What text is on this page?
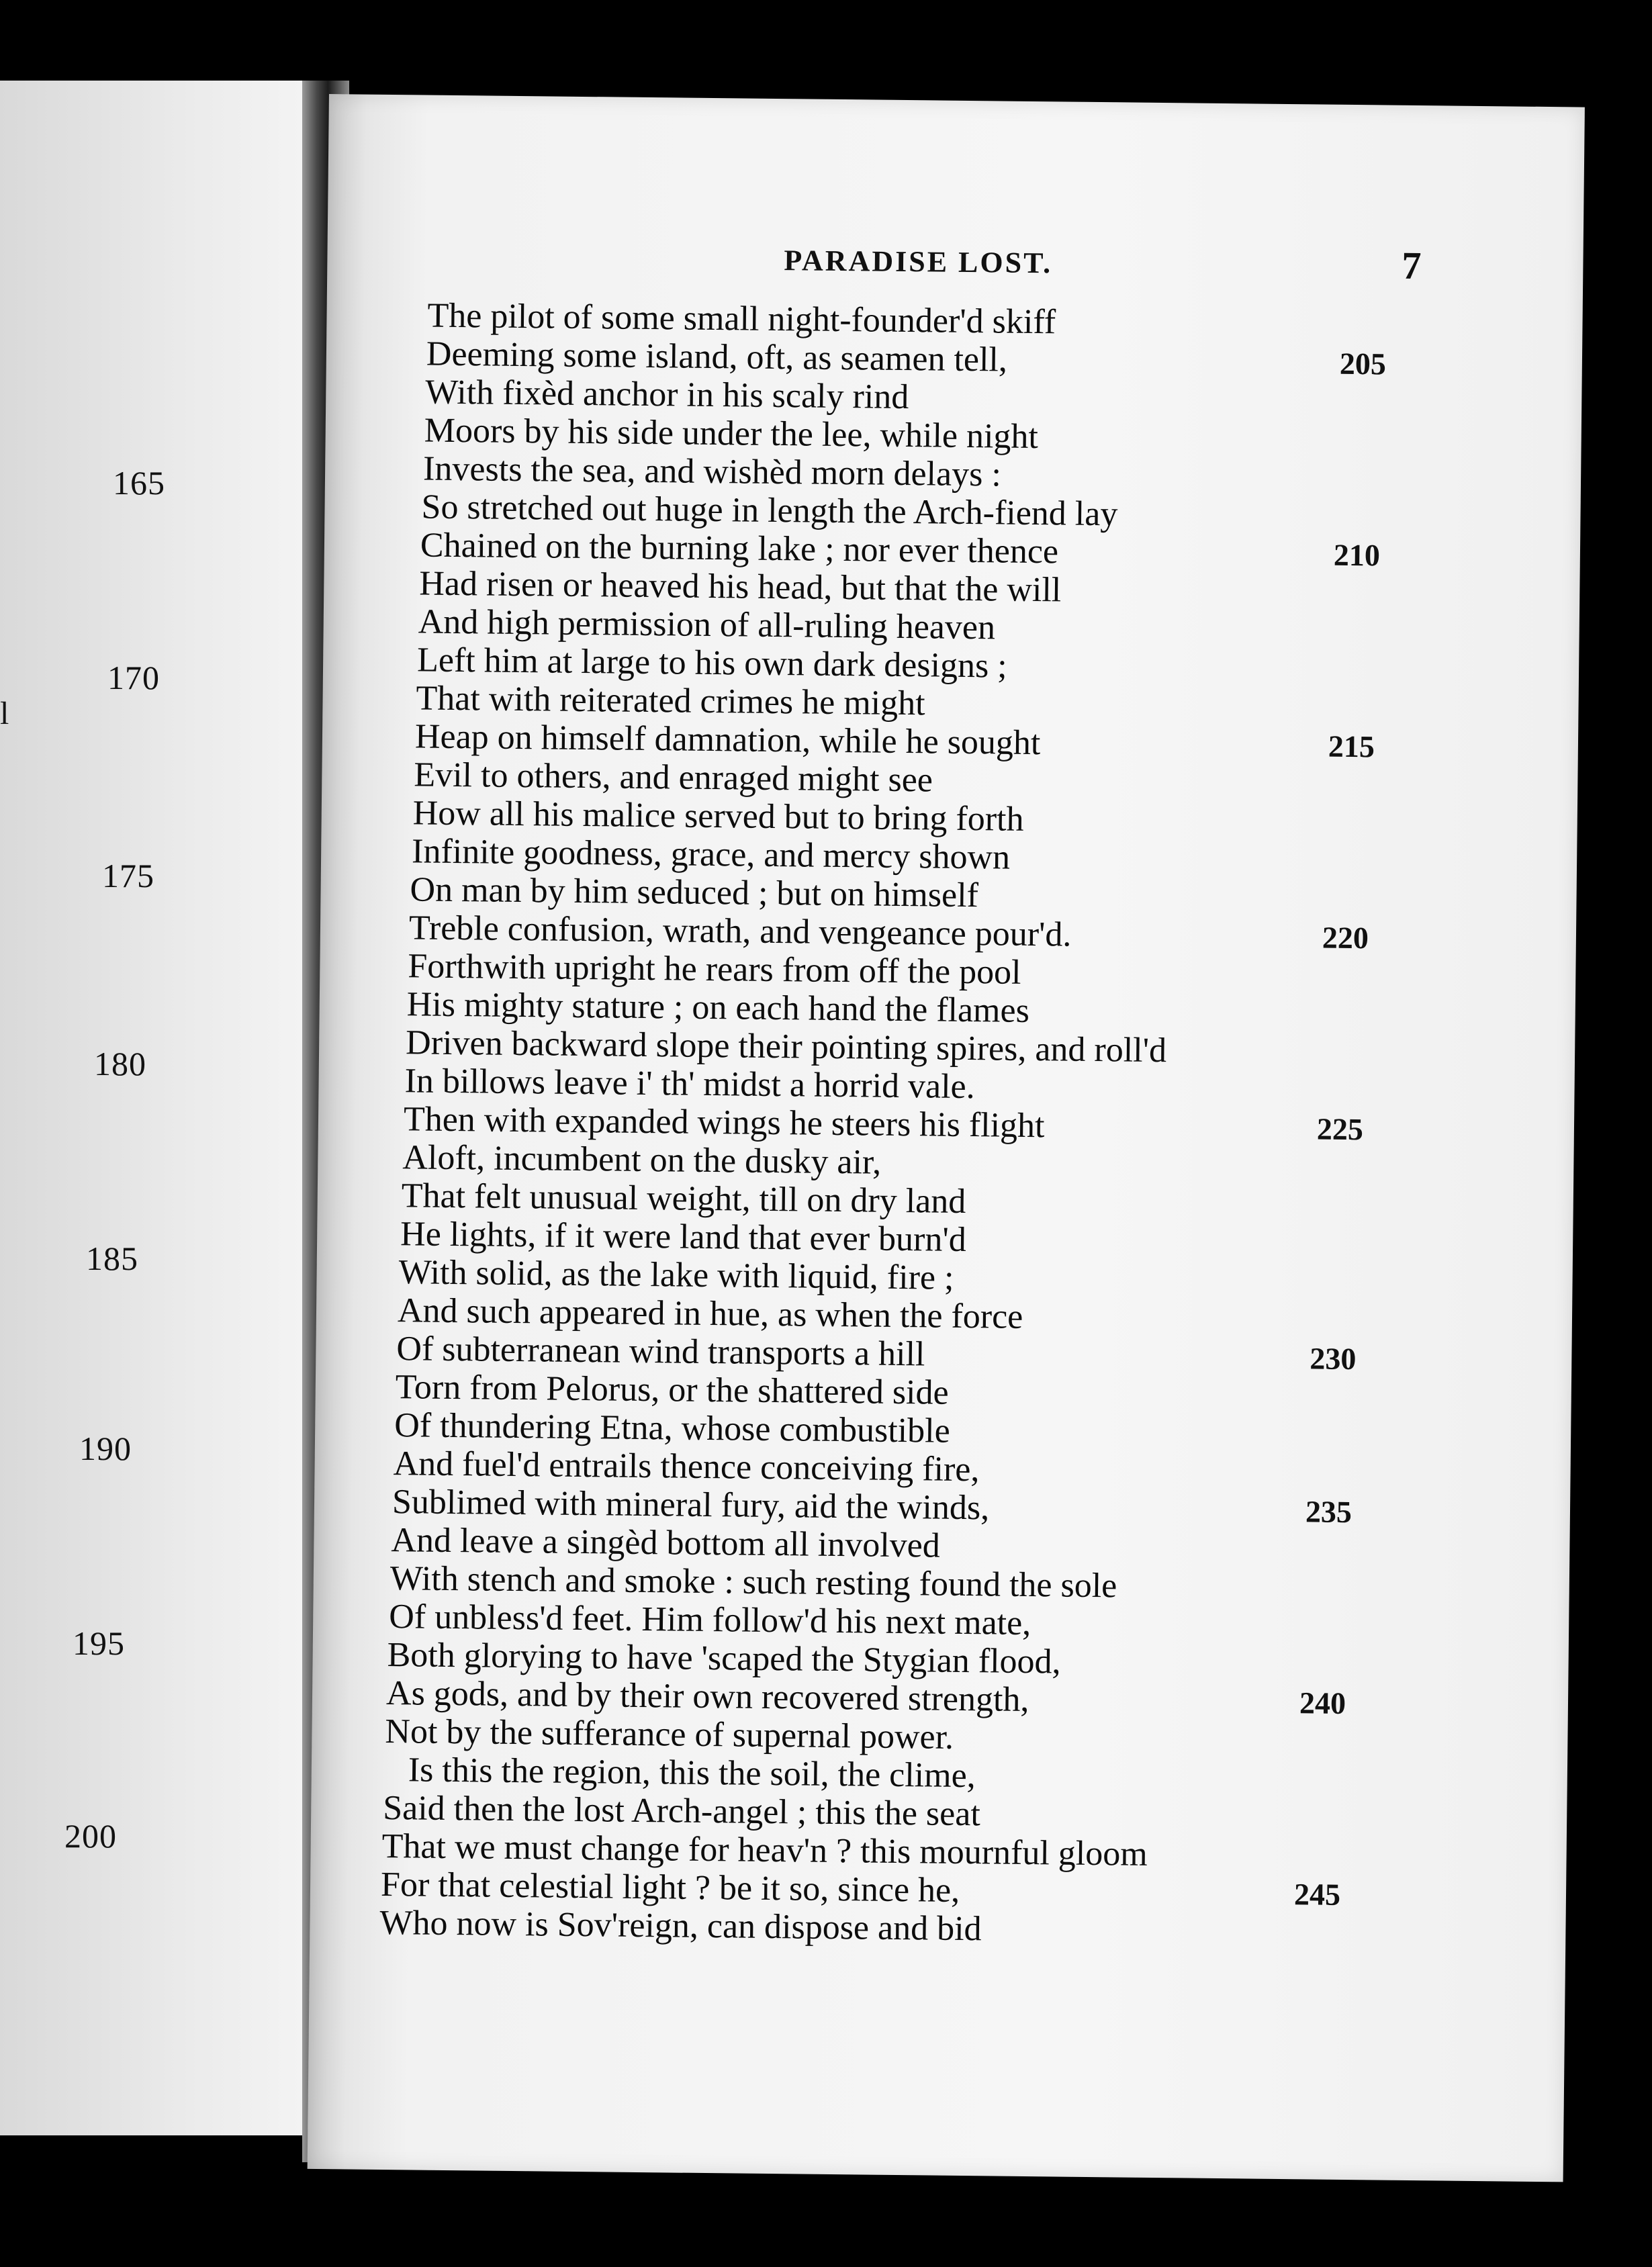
l
165
170
175
180
185
190
195
200
PARADISE LOST.	7

The pilot of some small night-founder'd skiff
Deeming some island, oft, as seamen tell,	205
With fixèd anchor in his scaly rind
Moors by his side under the lee, while night
Invests the sea, and wishèd morn delays :
So stretched out huge in length the Arch-fiend lay
Chained on the burning lake ; nor ever thence	210
Had risen or heaved his head, but that the will
And high permission of all-ruling heaven
Left him at large to his own dark designs ;
That with reiterated crimes he might
Heap on himself damnation, while he sought	215
Evil to others, and enraged might see
How all his malice served but to bring forth
Infinite goodness, grace, and mercy shown
On man by him seduced ; but on himself
Treble confusion, wrath, and vengeance pour'd.	220
Forthwith upright he rears from off the pool
His mighty stature ; on each hand the flames
Driven backward slope their pointing spires, and roll'd
In billows leave i' th' midst a horrid vale.
Then with expanded wings he steers his flight	225
Aloft, incumbent on the dusky air,
That felt unusual weight, till on dry land
He lights, if it were land that ever burn'd
With solid, as the lake with liquid, fire ;
And such appeared in hue, as when the force
Of subterranean wind transports a hill	230
Torn from Pelorus, or the shattered side
Of thundering Etna, whose combustible
And fuel'd entrails thence conceiving fire,
Sublimed with mineral fury, aid the winds,	235
And leave a singèd bottom all involved
With stench and smoke : such resting found the sole
Of unbless'd feet. Him follow'd his next mate,
Both glorying to have 'scaped the Stygian flood,
As gods, and by their own recovered strength,	240
Not by the sufferance of supernal power.
Is this the region, this the soil, the clime,
Said then the lost Arch-angel ; this the seat
That we must change for heav'n ? this mournful gloom
For that celestial light ? be it so, since he,	245
Who now is Sov'reign, can dispose and bid
